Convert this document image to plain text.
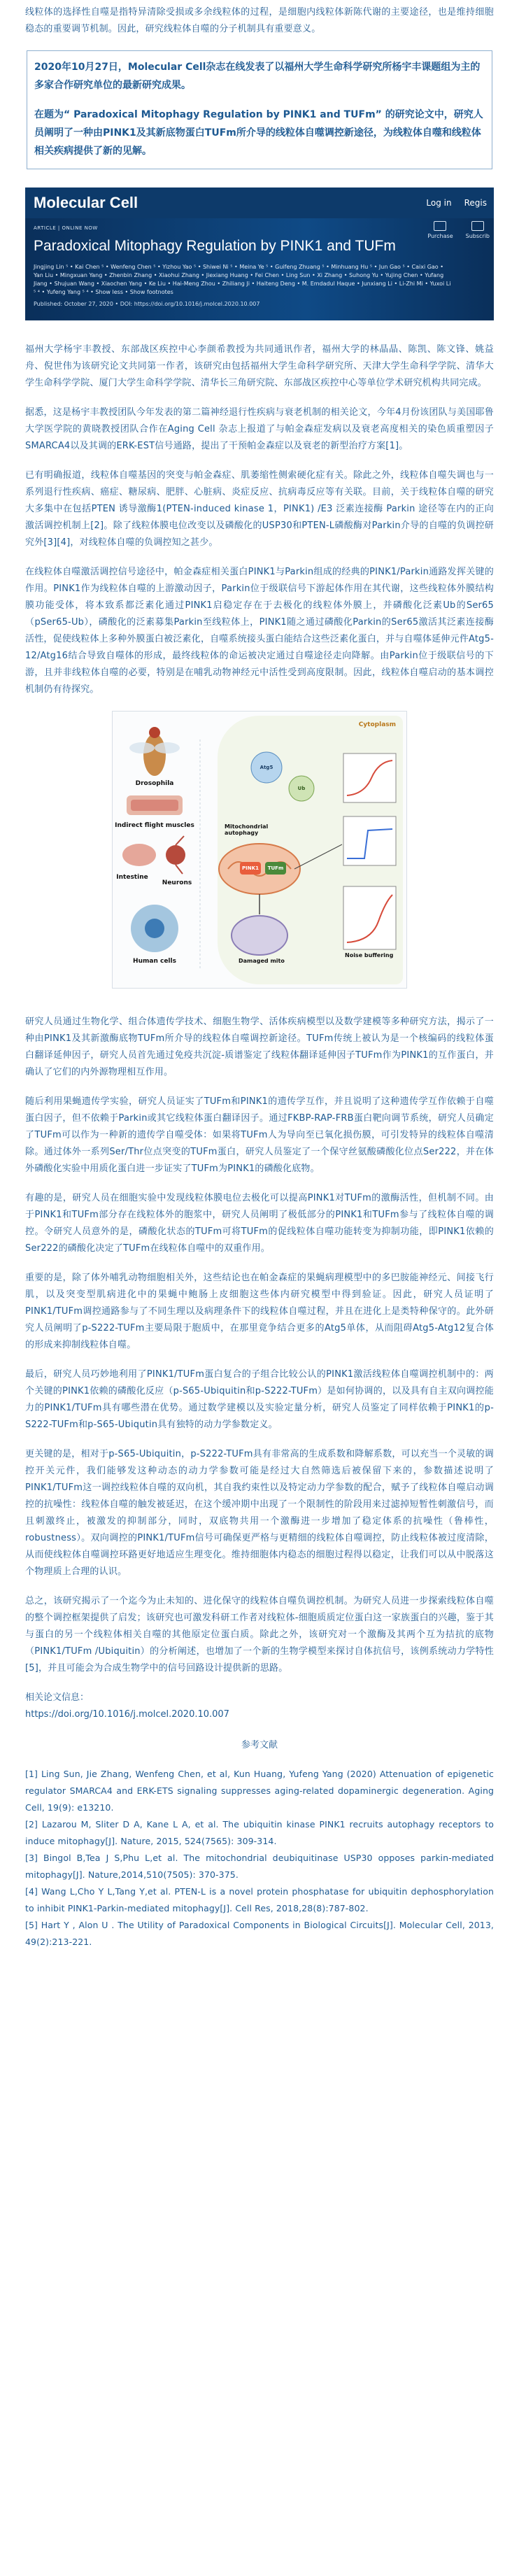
线粒体的选择性自噬是指特异清除受损或多余线粒体的过程，是细胞内线粒体新陈代谢的主要途径，也是维持细胞稳态的重要调节机制。因此，研究线粒体自噬的分子机制具有重要意义。

2020年10月27日，Molecular Cell杂志在线发表了以福州大学生命科学研究所杨宇丰课题组为主的多家合作研究单位的最新研究成果。

在题为“ Paradoxical Mitophagy Regulation by PINK1 and TUFm” 的研究论文中，研究人员阐明了一种由PINK1及其新底物蛋白TUFm所介导的线粒体自噬调控新途径，为线粒体自噬和线粒体相关疾病提供了新的见解。

Molecular Cell	Log in Regis
ARTICLE | ONLINE NOW
Purchase Subscrib
Paradoxical Mitophagy Regulation by PINK1 and TUFm
Jingjing Lin ⁵ • Kai Chen ⁵ • Wenfeng Chen ⁵ • Yizhou Yao ⁵ • Shiwei Ni ⁵ • Meina Ye ⁵ • Guifeng Zhuang ⁵ • Minhuang Hu ⁵ • Jun Gao ⁵ • Caixi Gao • Yan Liu • Mingxuan Yang • Zhenbin Zhang • Xiaohui Zhang • Jiexiang Huang • Fei Chen • Ling Sun • Xi Zhang • Suhong Yu • Yujing Chen • Yufang Jiang • Shujuan Wang • Xiaochen Yang • Ke Liu • Hai-Meng Zhou • Zhiliang Ji • Haiteng Deng • M. Emdadul Haque • Junxiang Li • Li-Zhi Mi • Yuxoi Li ⁵ ⁴ • Yufeng Yang ⁵ ⁴ • Show less • Show footnotes
Published: October 27, 2020 • DOI: https://doi.org/10.1016/j.molcel.2020.10.007

福州大学杨宇丰教授、东部战区疾控中心李颜希教授为共同通讯作者，福州大学的林晶晶、陈凯、陈文锋、姚益舟、倪世伟为该研究论文共同第一作者，该研究由包括福州大学生命科学研究所、天津大学生命科学学院、清华大学生命科学学院、厦门大学生命科学学院、清华长三角研究院、东部战区疾控中心等单位学术研究机构共同完成。

据悉，这是杨宇丰教授团队今年发表的第二篇神经退行性疾病与衰老机制的相关论文，今年4月份该团队与美国耶鲁大学医学院的黄晓教授团队合作在Aging Cell 杂志上报道了与帕金森症发病以及衰老高度相关的染色质重塑因子SMARCA4以及其调的ERK-EST信号通路，提出了干预帕金森症以及衰老的新型治疗方案[1]。

已有明确报道，线粒体自噬基因的突变与帕金森症、肌萎缩性侧索硬化症有关。除此之外，线粒体自噬失调也与一系列退行性疾病、癌症、糖尿病、肥胖、心脏病、炎症反应、抗病毒反应等有关联。目前，关于线粒体自噬的研究大多集中在包括PTEN 诱导激酶1(PTEN-induced kinase 1，PINK1) /E3 泛素连接酶 Parkin 途径等在内的正向激活调控机制上[2]。除了线粒体膜电位改变以及磷酸化的USP30和PTEN-L磷酸酶对Parkin介导的自噬的负调控研究外[3][4]，对线粒体自噬的负调控知之甚少。

在线粒体自噬激活调控信号途径中，帕金森症相关蛋白PINK1与Parkin组成的经典的PINK1/Parkin通路发挥关键的作用。PINK1作为线粒体自噬的上游激动因子，Parkin位于级联信号下游起体作用在其代谢，这些线粒体外膜结构膜功能受体，将本致系都泛素化通过PINK1启稳定存在于去极化的线粒体外膜上，并磷酸化泛素Ub的Ser65（pSer65-Ub），磷酸化的泛素募集Parkin至线粒体上，PINK1随之通过磷酸化Parkin的Ser65激活其泛素连接酶活性，促使线粒体上多种外膜蛋白被泛素化，自噬系统接头蛋白能结合这些泛素化蛋白，并与自噬体延伸元件Atg5-12/Atg16结合导致自噬体的形成，最终线粒体的命运被决定通过自噬途径走向降解。由Parkin位于级联信号的下游，且并非线粒体自噬的必要，特别是在哺乳动物神经元中活性受到高度限制。因此，线粒体自噬启动的基本调控机制仍有待探究。

Drosophila
Indirect flight muscles
Intestine
Neurons
Human cells
Cytoplasm
PINK1	TUFm
Atg5
Ub
Mitochondrial autophagy
Damaged mito
Noise buffering

研究人员通过生物化学、组合体遗传学技术、细胞生物学、活体疾病模型以及数学建模等多种研究方法，揭示了一种由PINK1及其新激酶底物TUFm所介导的线粒体自噬调控新途径。TUFm传统上被认为是一个核编码的线粒体蛋白翻译延伸因子，研究人员首先通过免疫共沉淀-质谱鉴定了线粒体翻译延伸因子TUFm作为PINK1的互作蛋白，并确认了它们的内外源物理相互作用。

随后利用果蝇遗传学实验，研究人员证实了TUFm和PINK1的遗传学互作，并且说明了这种遗传学互作依赖于自噬蛋白因子，但不依赖于Parkin或其它线粒体蛋白翻译因子。通过FKBP-RAP-FRB蛋白靶向调节系统，研究人员确定了TUFm可以作为一种新的遗传学自噬受体：如果将TUFm人为导向至已氧化损伤膜，可引发特异的线粒体自噬清除。通过体外一系列Ser/Thr位点突变的TUFm蛋白，研究人员鉴定了一个保守丝氨酸磷酸化位点Ser222，并在体外磷酸化实验中用质化蛋白进一步证实了TUFm为PINK1的磷酸化底物。

有趣的是，研究人员在细胞实验中发现线粒体膜电位去极化可以提高PINK1对TUFm的激酶活性，但机制不同。由于PINK1和TUFm部分存在线粒体外的胞浆中，研究人员阐明了极低部分的PINK1和TUFm参与了线粒体自噬的调控。令研究人员意外的是，磷酸化状态的TUFm可将TUFm的促线粒体自噬功能转变为抑制功能，即PINK1依赖的Ser222的磷酸化决定了TUFm在线粒体自噬中的双重作用。

重要的是，除了体外哺乳动物细胞相关外，这些结论也在帕金森症的果蝇病理模型中的多巴胺能神经元、间接飞行肌，以及突变型肌病进化中的果蝇中鲍肠上皮细胞这些体内研究模型中得到验证。因此，研究人员证明了PINK1/TUFm调控通路参与了不同生理以及病理条件下的线粒体自噬过程，并且在进化上是类特种保守的。此外研究人员阐明了p-S222-TUFm主要局限于胞质中，在那里竟争结合更多的Atg5单体，从而阻碍Atg5-Atg12复合体的形成来抑制线粒体自噬。

最后，研究人员巧妙地利用了PINK1/TUFm蛋白复合的子组合比较公认的PINK1激活线粒体自噬调控机制中的：两个关键的PINK1依赖的磷酸化反应（p-S65-Ubiquitin和p-S222-TUFm）是如何协调的，以及具有自主双向调控能力的PINK1/TUFm具有哪些潜在优势。通过数学建模以及实验定量分析，研究人员鉴定了同样依赖于PINK1的p-S222-TUFm和p-S65-Ubiqutin具有独特的动力学参数定义。

更关键的是，相对于p-S65-Ubiquitin，p-S222-TUFm具有非常高的生成系数和降解系数，可以充当一个灵敏的调控开关元件，我们能够发这种动态的动力学参数可能是经过大自然筛选后被保留下来的，参数描述说明了PINK1/TUFm这一调控线粒体自噬的双向机，其自我约束性以及特定动力学参数的配合，赋予了线粒体自噬启动调控的抗噪性：线粒体自噬的触发被延迟，在这个缓冲期中出现了一个限制性的阶段用来过滤掉短暂性刺激信号，而且刺激终止，被激发的抑制部分，同时，双底物共用一个激酶进一步增加了稳定体系的抗噪性（鲁棒性，robustness）。双向调控的PINK1/TUFm信号可确保更严格与更精细的线粒体自噬调控，防止线粒体被过度清除，从而使线粒体自噬调控环路更好地适应生理变化。维持细胞体内稳态的细胞过程得以稳定，让我们可以从中脱落这个物理质上合理的认识。

总之，该研究揭示了一个迄今为止未知的、进化保守的线粒体自噬负调控机制。为研究人员进一步探索线粒体自噬的整个调控框架提供了启发；该研究也可激发科研工作者对线粒体-细胞质质定位蛋白这一家族蛋白的兴趣，鉴于其与蛋白的另一个线粒体相关自噬的其他原定位蛋白质。除此之外，该研究对一个激酶及其两个互为拮抗的底物（PINK1/TUFm /Ubiquitin）的分析阐述，也增加了一个新的生物学模型来探讨自体抗信号，该例系统动力学特性[5]，并且可能会为合成生物学中的信号回路设计提供新的思路。

相关论文信息：
https://doi.org/10.1016/j.molcel.2020.10.007
参考文献

[1] Ling Sun, Jie Zhang, Wenfeng Chen, et al, Kun Huang, Yufeng Yang (2020) Attenuation of epigenetic regulator SMARCA4 and ERK-ETS signaling suppresses aging-related dopaminergic degeneration. Aging Cell, 19(9): e13210.

[2] Lazarou M, Sliter D A, Kane L A, et al. The ubiquitin kinase PINK1 recruits autophagy receptors to induce mitophagy[J]. Nature, 2015, 524(7565): 309-314.

[3] Bingol B,Tea J S,Phu L,et al. The mitochondrial deubiquitinase USP30 opposes parkin-mediated mitophagy[J]. Nature,2014,510(7505): 370-375.

[4] Wang L,Cho Y L,Tang Y,et al. PTEN-L is a novel protein phosphatase for ubiquitin dephosphorylation to inhibit PINK1-Parkin-mediated mitophagy[J]. Cell Res, 2018,28(8):787-802.

[5] Hart Y , Alon U . The Utility of Paradoxical Components in Biological Circuits[J]. Molecular Cell, 2013, 49(2):213-221.
